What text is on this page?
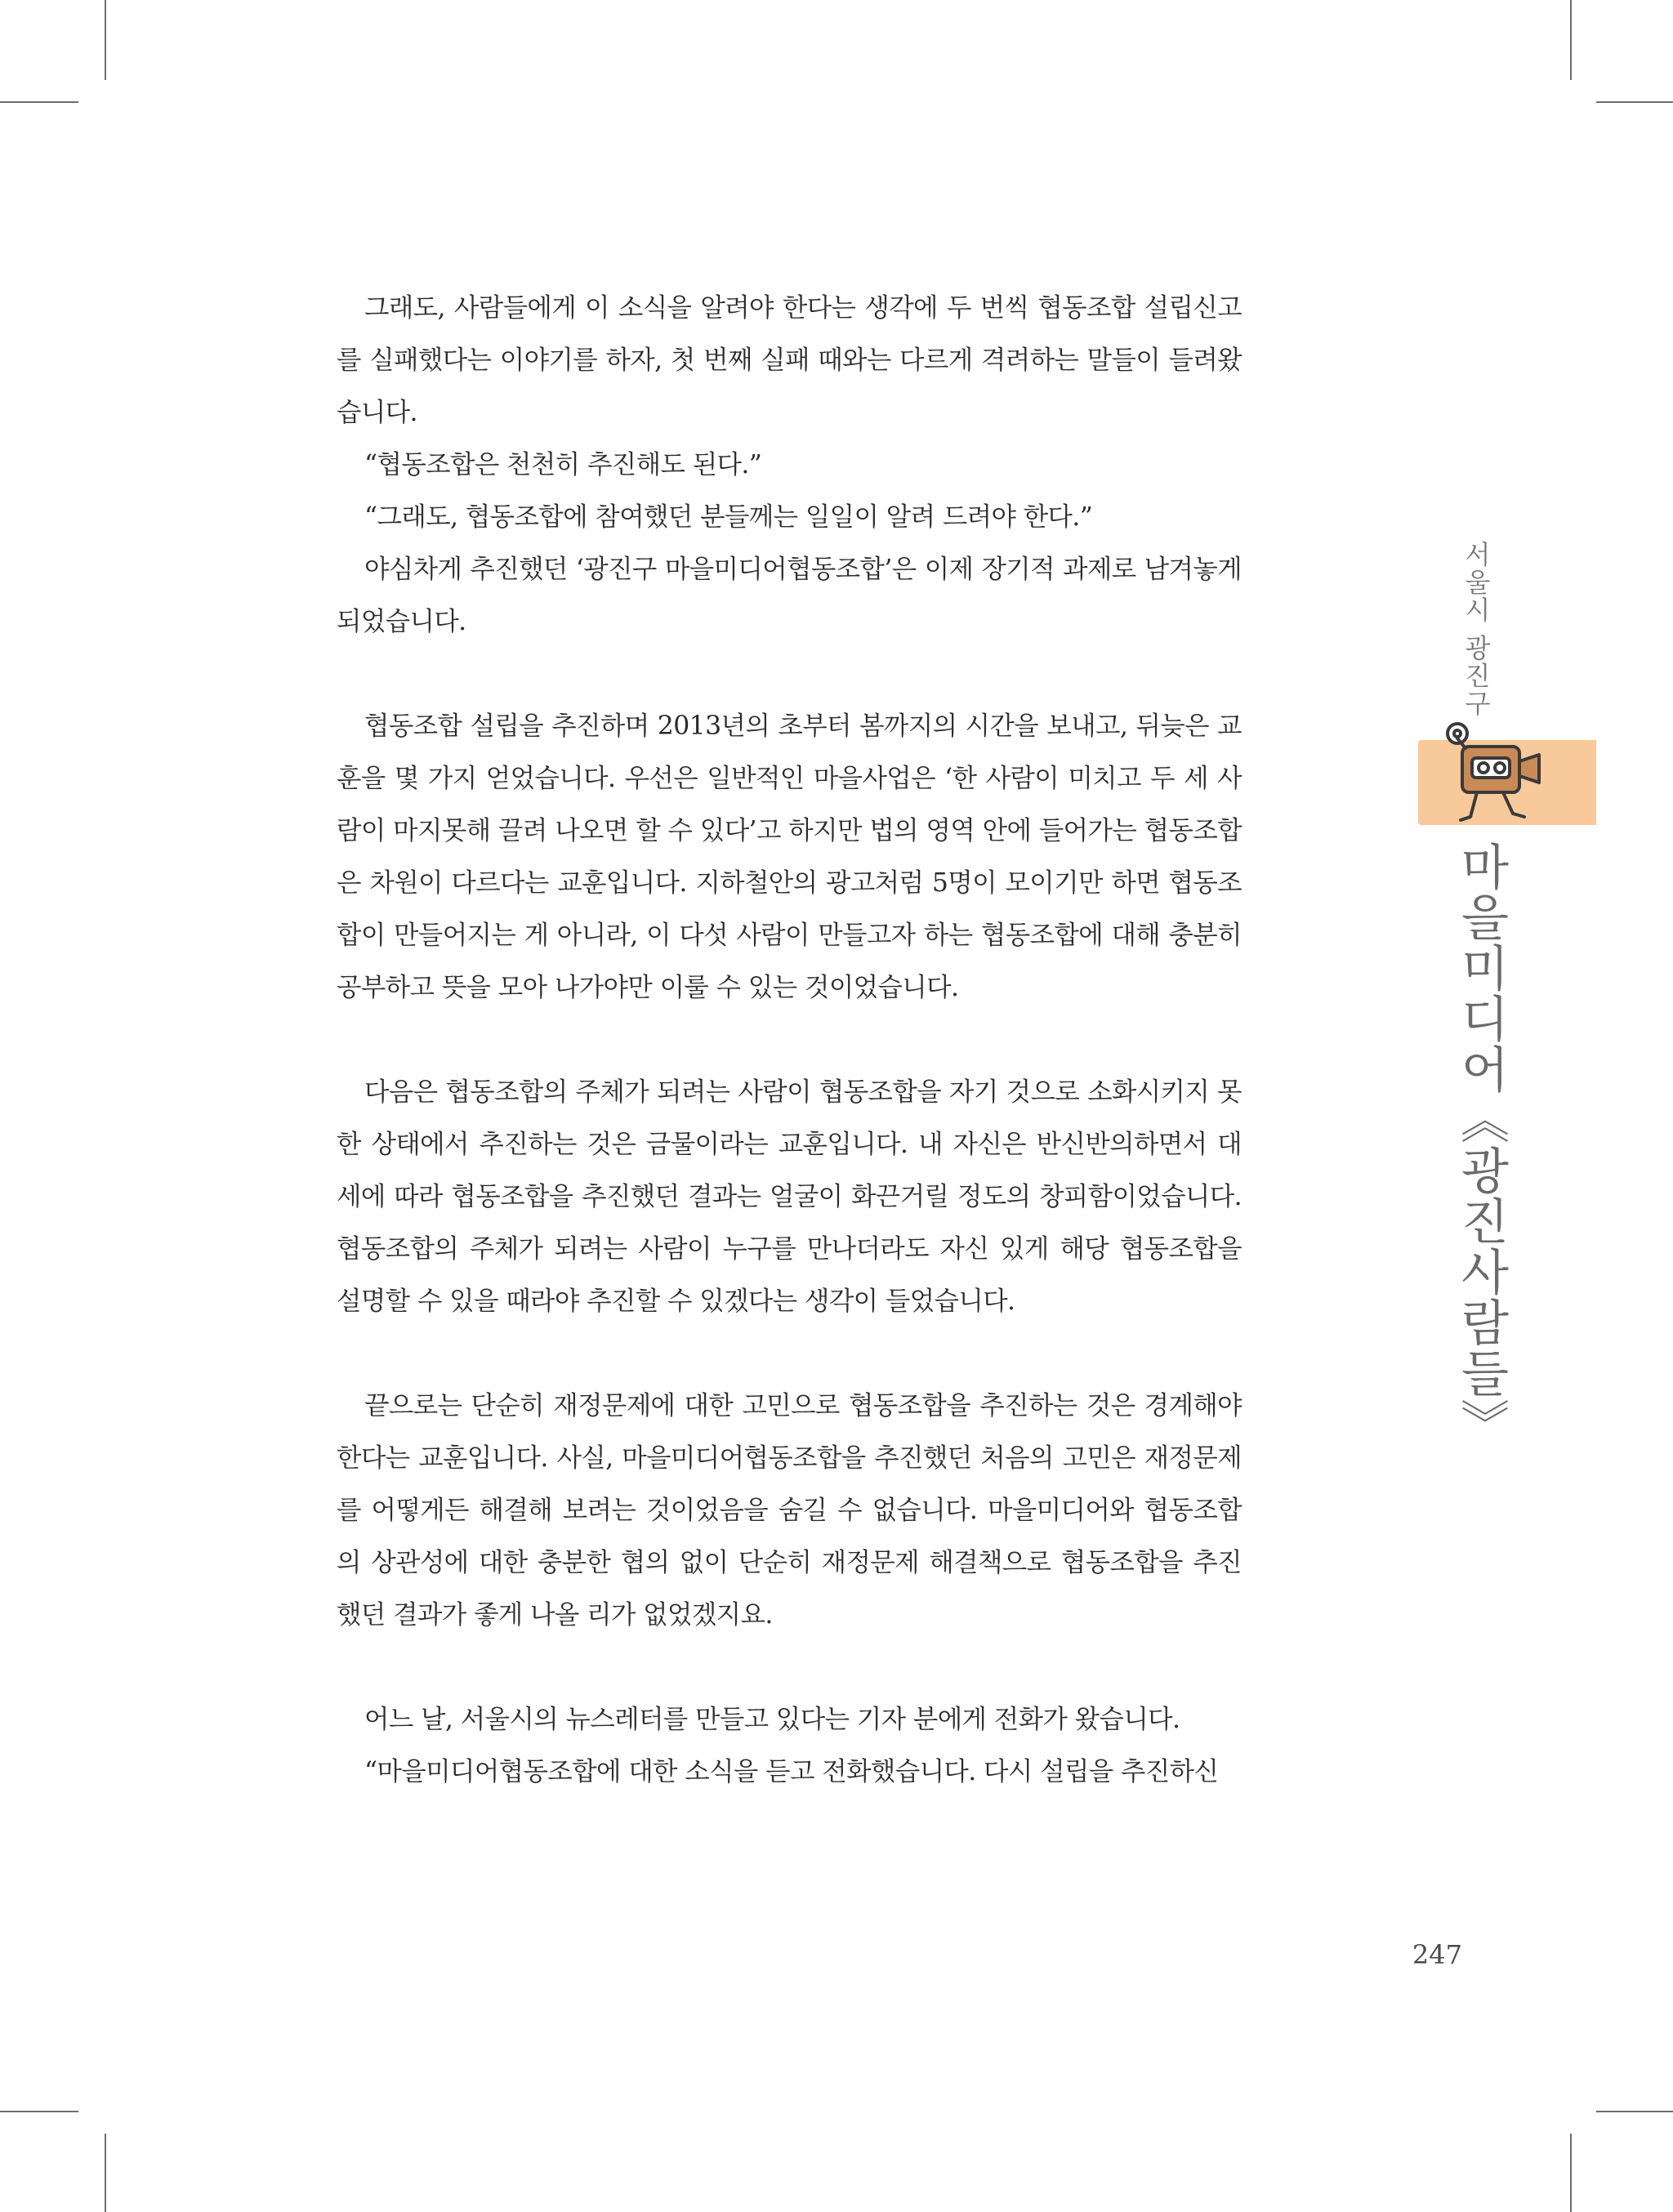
그래도, 사람들에게 이 소식을 알려야 한다는 생각에 두 번씩 협동조합 설립신고를 실패했다는 이야기를 하자, 첫 번째 실패 때와는 다르게 격려하는 말들이 들려왔습니다.

“협동조합은 천천히 추진해도 된다.”

“그래도, 협동조합에 참여했던 분들께는 일일이 알려 드려야 한다.”

야심차게 추진했던 ‘광진구 마을미디어협동조합’은 이제 장기적 과제로 남겨놓게 되었습니다.

협동조합 설립을 추진하며 2013년의 초부터 봄까지의 시간을 보내고, 뒤늦은 교훈을 몇 가지 얻었습니다. 우선은 일반적인 마을사업은 ‘한 사람이 미치고 두 세 사람이 마지못해 끌려 나오면 할 수 있다’고 하지만 법의 영역 안에 들어가는 협동조합은 차원이 다르다는 교훈입니다. 지하철안의 광고처럼 5명이 모이기만 하면 협동조합이 만들어지는 게 아니라, 이 다섯 사람이 만들고자 하는 협동조합에 대해 충분히 공부하고 뜻을 모아 나가야만 이룰 수 있는 것이었습니다.

다음은 협동조합의 주체가 되려는 사람이 협동조합을 자기 것으로 소화시키지 못한 상태에서 추진하는 것은 금물이라는 교훈입니다. 내 자신은 반신반의하면서 대세에 따라 협동조합을 추진했던 결과는 얼굴이 화끈거릴 정도의 창피함이었습니다. 협동조합의 주체가 되려는 사람이 누구를 만나더라도 자신 있게 해당 협동조합을 설명할 수 있을 때라야 추진할 수 있겠다는 생각이 들었습니다.

끝으로는 단순히 재정문제에 대한 고민으로 협동조합을 추진하는 것은 경계해야 한다는 교훈입니다. 사실, 마을미디어협동조합을 추진했던 처음의 고민은 재정문제를 어떻게든 해결해 보려는 것이었음을 숨길 수 없습니다. 마을미디어와 협동조합의 상관성에 대한 충분한 협의 없이 단순히 재정문제 해결책으로 협동조합을 추진했던 결과가 좋게 나올 리가 없었겠지요.

어느 날, 서울시의 뉴스레터를 만들고 있다는 기자 분에게 전화가 왔습니다.

“마을미디어협동조합에 대한 소식을 듣고 전화했습니다. 다시 설립을 추진하신

서울시 광진구
마을미디어《광진사람들》
247
